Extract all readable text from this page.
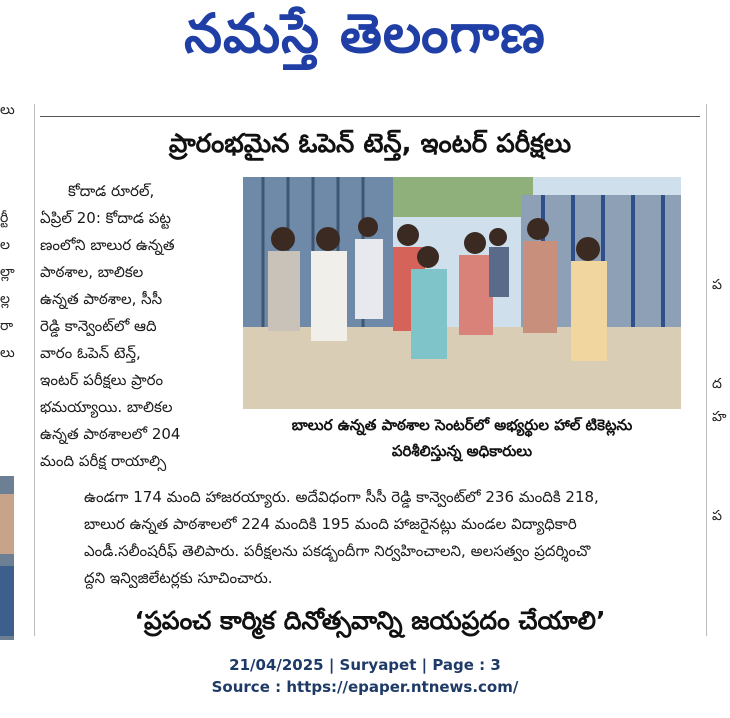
నమస్తే తెలంగాణ
లు
ర్టీ
ల
ల్లా
ల్ల
రా
లు
ప
ద
హ
ప
ప్రారంభమైన ఓపెన్ టెన్త్, ఇంటర్ పరీక్షలు
కోదాడ రూరల్,
ఏప్రిల్ 20: కోదాడ పట్ట
ణంలోని బాలుర ఉన్నత
పాఠశాల, బాలికల
ఉన్నత పాఠశాల, సీసీ
రెడ్డి కాన్వెంట్‌లో ఆది
వారం ఓపెన్ టెన్త్,
ఇంటర్ పరీక్షలు ప్రారం
భమయ్యాయి. బాలికల
ఉన్నత పాఠశాలలో 204
మంది పరీక్ష రాయాల్సి
బాలుర ఉన్నత పాఠశాల సెంటర్‌లో అభ్యర్థుల హాల్ టికెట్లను
పరిశీలిస్తున్న అధికారులు
ఉండగా 174 మంది హాజరయ్యారు. అదేవిధంగా సీసీ రెడ్డి కాన్వెంట్‌లో 236 మందికి 218,
బాలుర ఉన్నత పాఠశాలలో 224 మందికి 195 మంది హాజరైనట్లు మండల విద్యాధికారి
ఎండీ.సలీంషరీఫ్ తెలిపారు. పరీక్షలను పకడ్బందీగా నిర్వహించాలని, అలసత్వం ప్రదర్శించొ
ద్దని ఇన్విజిలేటర్లకు సూచించారు.
‘ప్రపంచ కార్మిక దినోత్సవాన్ని జయప్రదం చేయాలి’
21/04/2025 | Suryapet | Page : 3
Source : https://epaper.ntnews.com/
